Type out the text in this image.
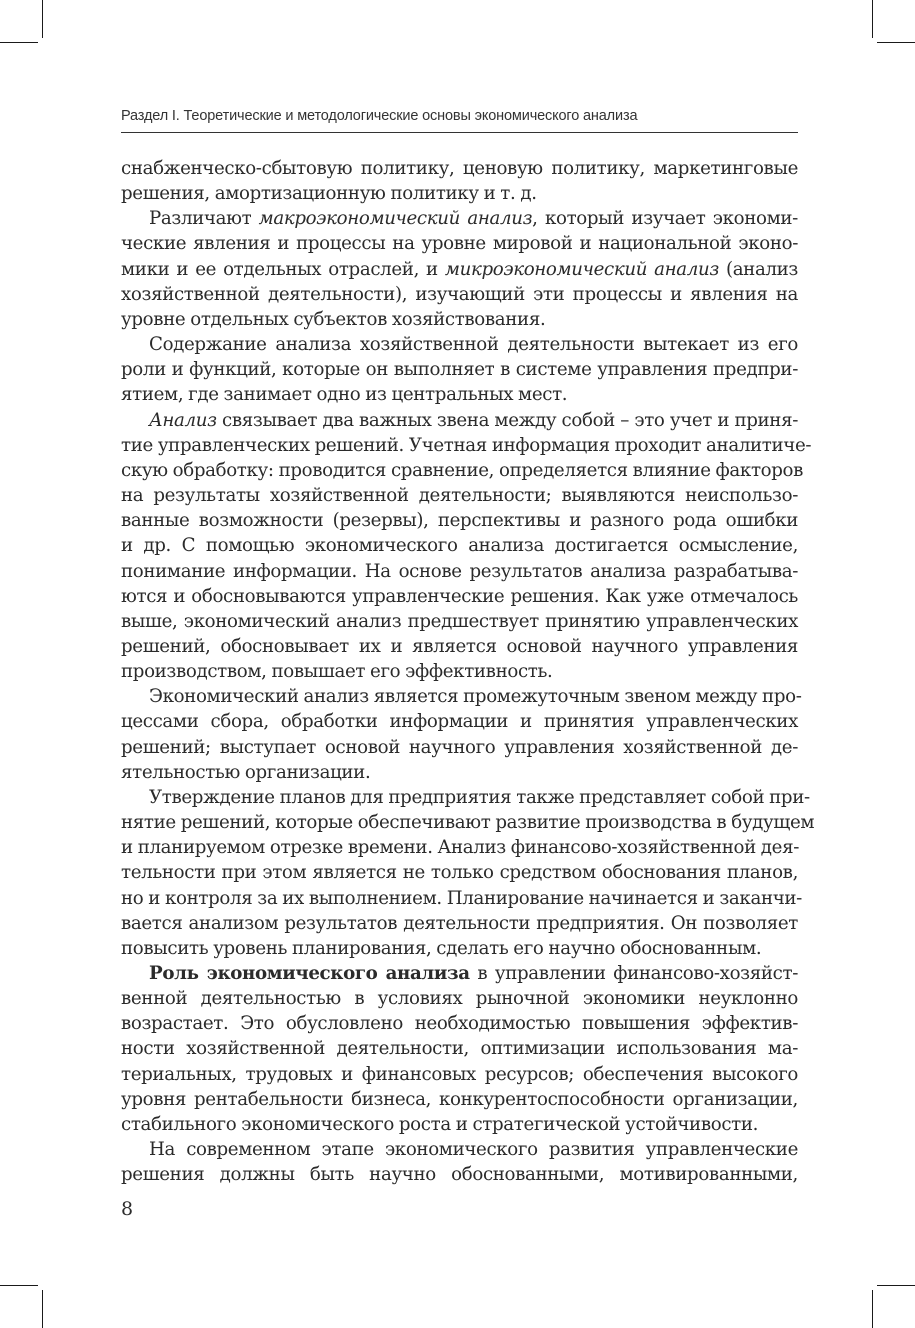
Раздел I. Теоретические и методологические основы экономического анализа

снабженческо-сбытовую политику, ценовую политику, маркетинговые
решения, амортизационную политику и т. д.

Различают макроэкономический анализ, который изучает экономи-
ческие явления и процессы на уровне мировой и национальной эконо-
мики и ее отдельных отраслей, и микроэкономический анализ (анализ
хозяйственной деятельности), изучающий эти процессы и явления на
уровне отдельных субъектов хозяйствования.

Содержание анализа хозяйственной деятельности вытекает из его
роли и функций, которые он выполняет в системе управления предпри-
ятием, где занимает одно из центральных мест.

Анализ связывает два важных звена между собой – это учет и приня-
тие управленческих решений. Учетная информация проходит аналитиче-
скую обработку: проводится сравнение, определяется влияние факторов
на результаты хозяйственной деятельности; выявляются неиспользо-
ванные возможности (резервы), перспективы и разного рода ошибки
и др. С помощью экономического анализа достигается осмысление,
понимание информации. На основе результатов анализа разрабатыва-
ются и обосновываются управленческие решения. Как уже отмечалось
выше, экономический анализ предшествует принятию управленческих
решений, обосновывает их и является основой научного управления
производством, повышает его эффективность.

Экономический анализ является промежуточным звеном между про-
цессами сбора, обработки информации и принятия управленческих
решений; выступает основой научного управления хозяйственной де-
ятельностью организации.

Утверждение планов для предприятия также представляет собой при-
нятие решений, которые обеспечивают развитие производства в будущем
и планируемом отрезке времени. Анализ финансово-хозяйственной дея-
тельности при этом является не только средством обоснования планов,
но и контроля за их выполнением. Планирование начинается и заканчи-
вается анализом результатов деятельности предприятия. Он позволяет
повысить уровень планирования, сделать его научно обоснованным.

Роль экономического анализа в управлении финансово-хозяйст-
венной деятельностью в условиях рыночной экономики неуклонно
возрастает. Это обусловлено необходимостью повышения эффектив-
ности хозяйственной деятельности, оптимизации использования ма-
териальных, трудовых и финансовых ресурсов; обеспечения высокого
уровня рентабельности бизнеса, конкурентоспособности организации,
стабильного экономического роста и стратегической устойчивости.

На современном этапе экономического развития управленческие
решения должны быть научно обоснованными, мотивированными,

8
